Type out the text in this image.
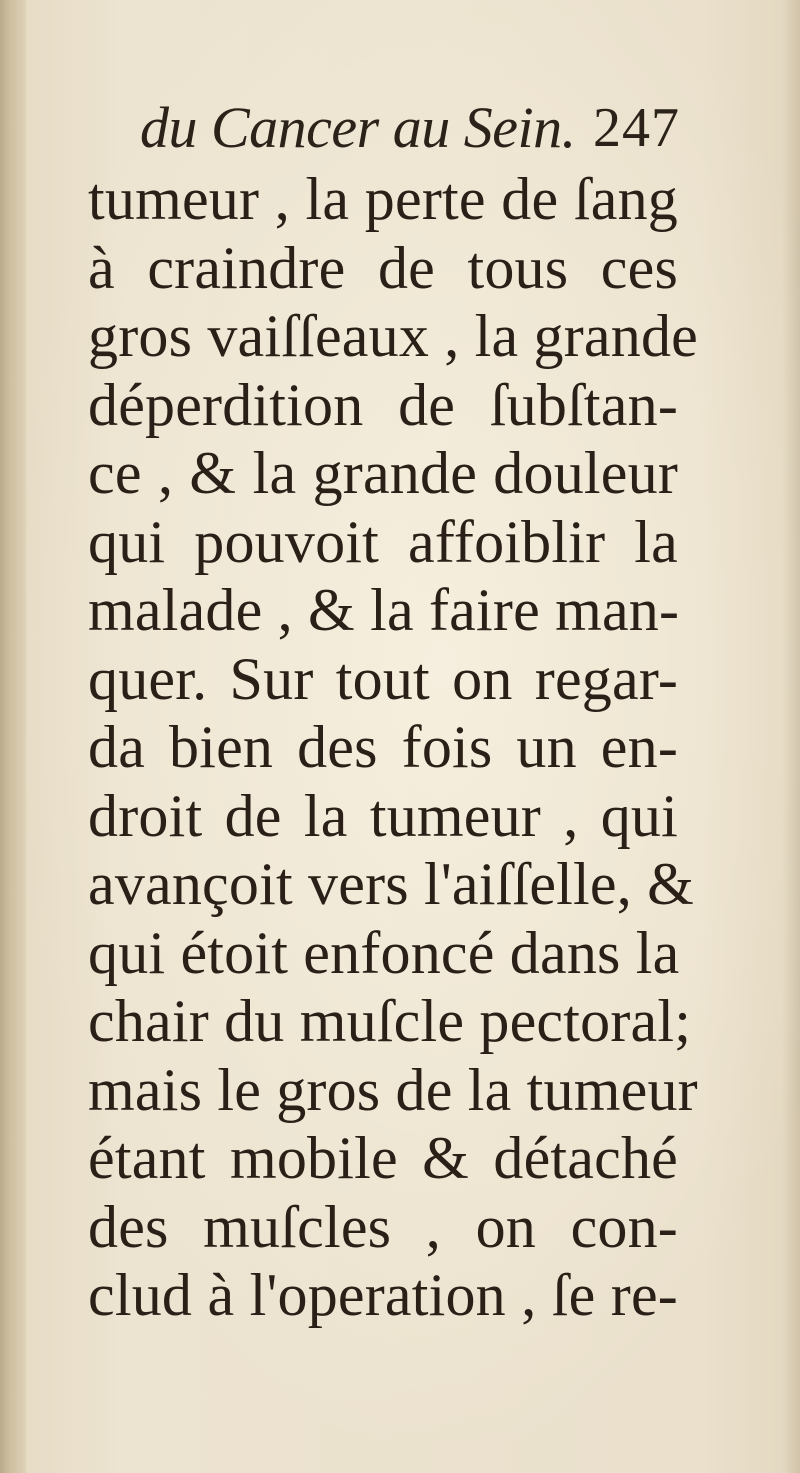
du Cancer au Sein. 247
tumeur , la perte de ſang
à craindre de tous ces
gros vaiſſeaux , la grande
déperdition de ſubſtan-
ce , & la grande douleur
qui pouvoit affoiblir la
malade , & la faire man-
quer. Sur tout on regar-
da bien des fois un en-
droit de la tumeur , qui
avançoit vers l'aiſſelle, &
qui étoit enfoncé dans la
chair du muſcle pectoral;
mais le gros de la tumeur
étant mobile & détaché
des muſcles , on con-
clud à l'operation , ſe re-
